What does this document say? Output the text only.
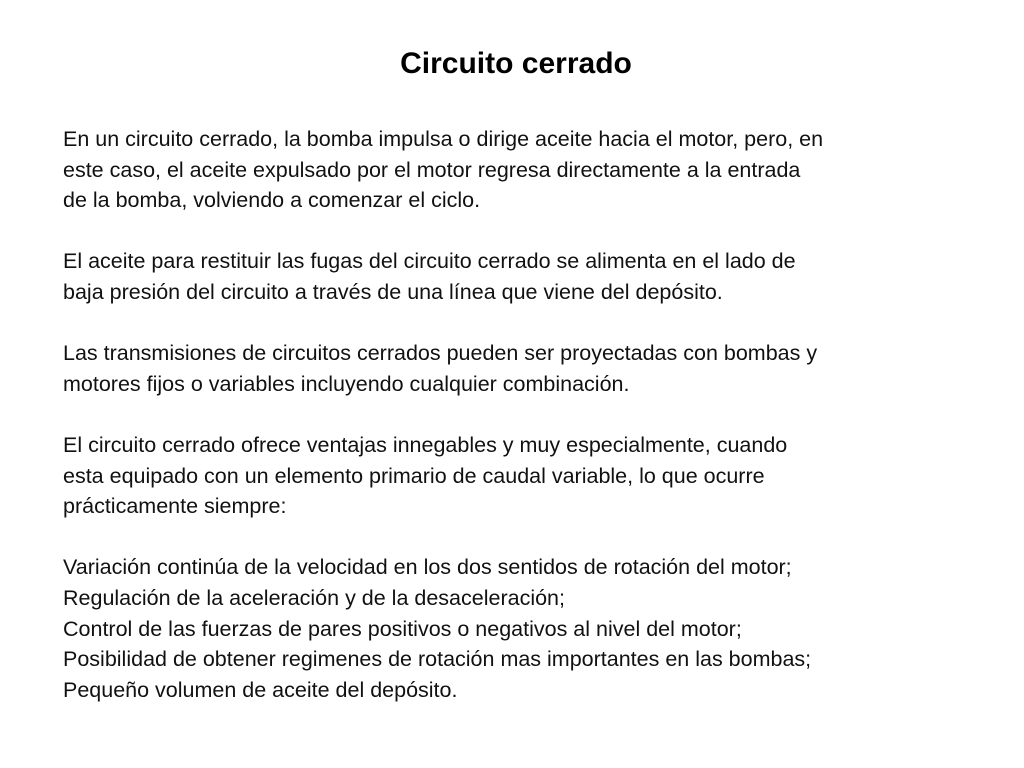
Circuito cerrado

En un circuito cerrado, la bomba impulsa o dirige aceite hacia el motor, pero, en
este caso, el aceite expulsado por el motor regresa directamente a la entrada
de la bomba, volviendo a comenzar el ciclo.

El aceite para restituir las fugas del circuito cerrado se alimenta en el lado de
baja presión del circuito a través de una línea que viene del depósito.

Las transmisiones de circuitos cerrados pueden ser proyectadas con bombas y
motores fijos o variables incluyendo cualquier combinación.

El circuito cerrado ofrece ventajas innegables y muy especialmente, cuando
esta equipado con un elemento primario de caudal variable, lo que ocurre
prácticamente siempre:

Variación continúa de la velocidad en los dos sentidos de rotación del motor;
Regulación de la aceleración y de la desaceleración;
Control de las fuerzas de pares positivos o negativos al nivel del motor;
Posibilidad de obtener regimenes de rotación mas importantes en las bombas;
Pequeño volumen de aceite del depósito.
